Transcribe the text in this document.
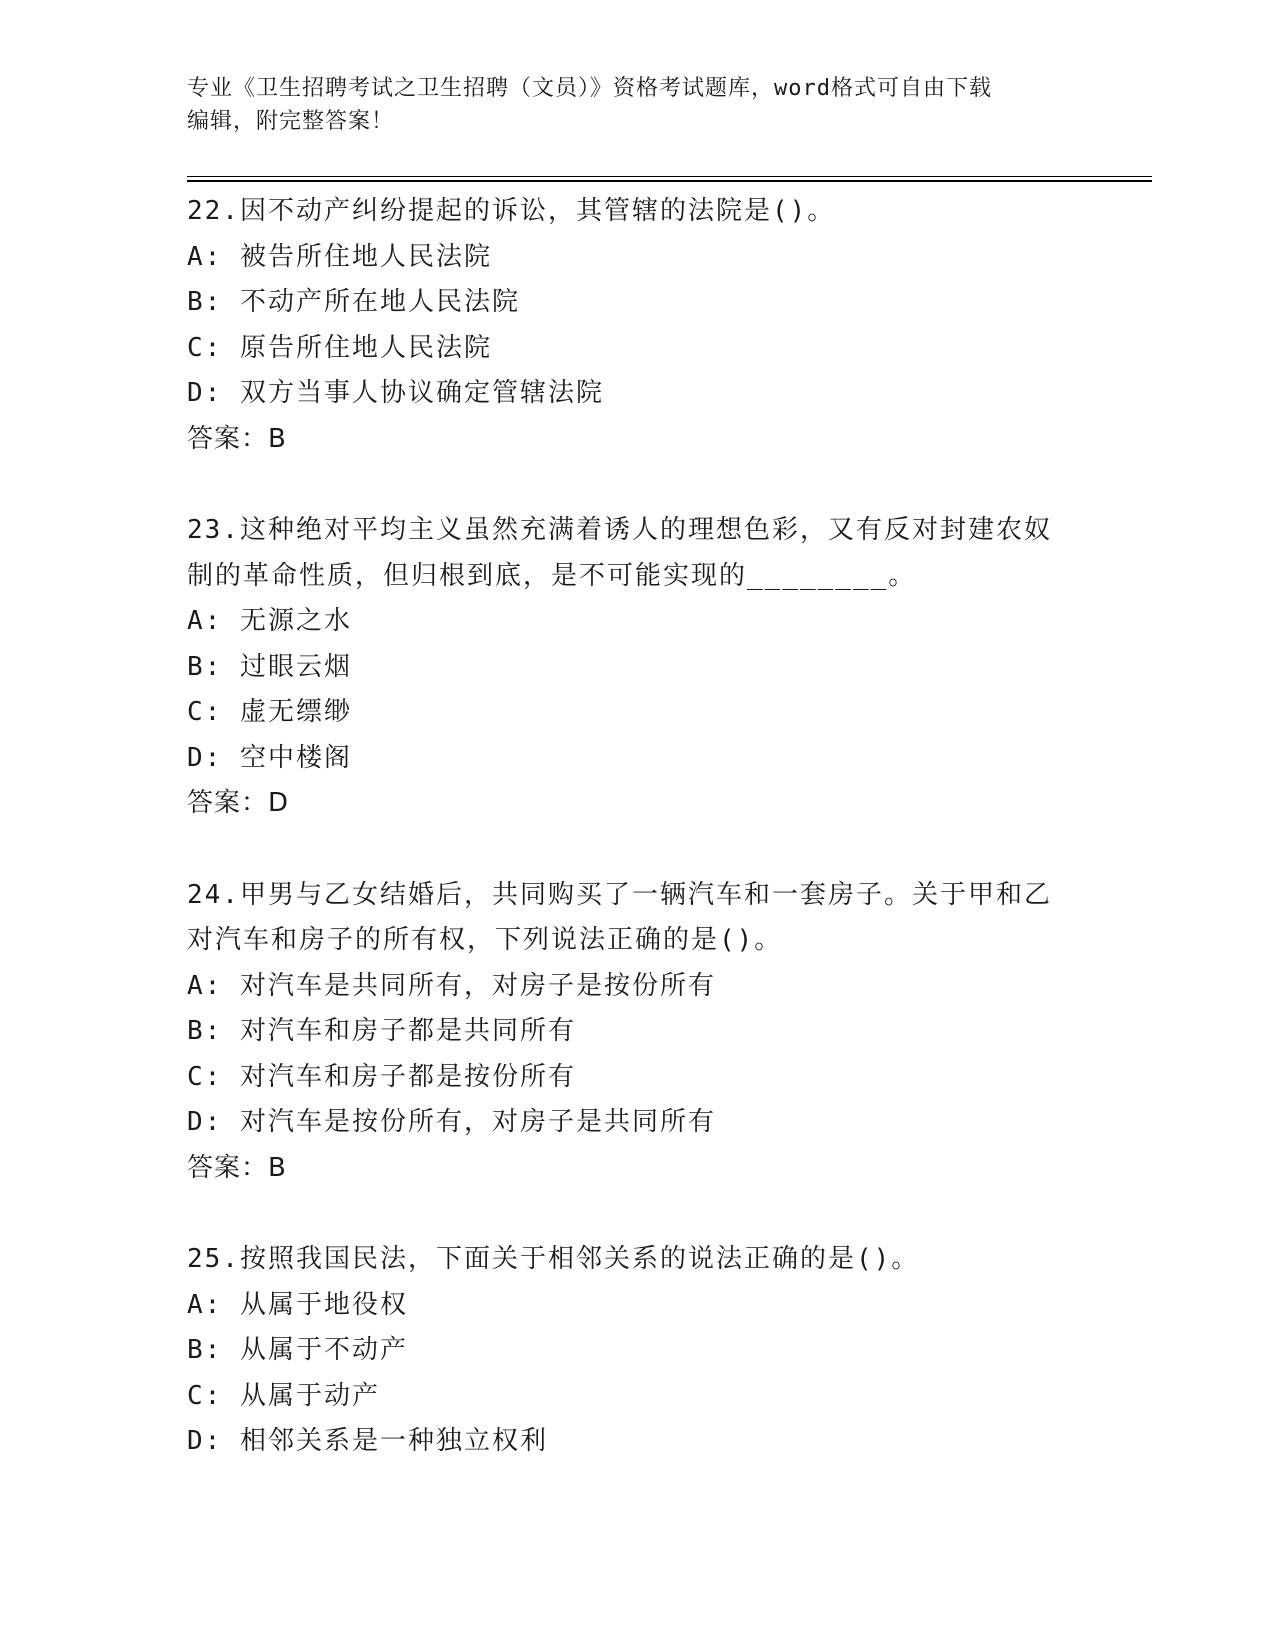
专业《卫生招聘考试之卫生招聘（文员）》资格考试题库，word格式可自由下载
编辑，附完整答案！
22.因不动产纠纷提起的诉讼，其管辖的法院是()。
A: 被告所住地人民法院
B: 不动产所在地人民法院
C: 原告所住地人民法院
D: 双方当事人协议确定管辖法院
答案：B
23.这种绝对平均主义虽然充满着诱人的理想色彩，又有反对封建农奴
制的革命性质，但归根到底，是不可能实现的________。
A: 无源之水
B: 过眼云烟
C: 虚无缥缈
D: 空中楼阁
答案：D
24.甲男与乙女结婚后，共同购买了一辆汽车和一套房子。关于甲和乙
对汽车和房子的所有权，下列说法正确的是()。
A: 对汽车是共同所有，对房子是按份所有
B: 对汽车和房子都是共同所有
C: 对汽车和房子都是按份所有
D: 对汽车是按份所有，对房子是共同所有
答案：B
25.按照我国民法，下面关于相邻关系的说法正确的是()。
A: 从属于地役权
B: 从属于不动产
C: 从属于动产
D: 相邻关系是一种独立权利
